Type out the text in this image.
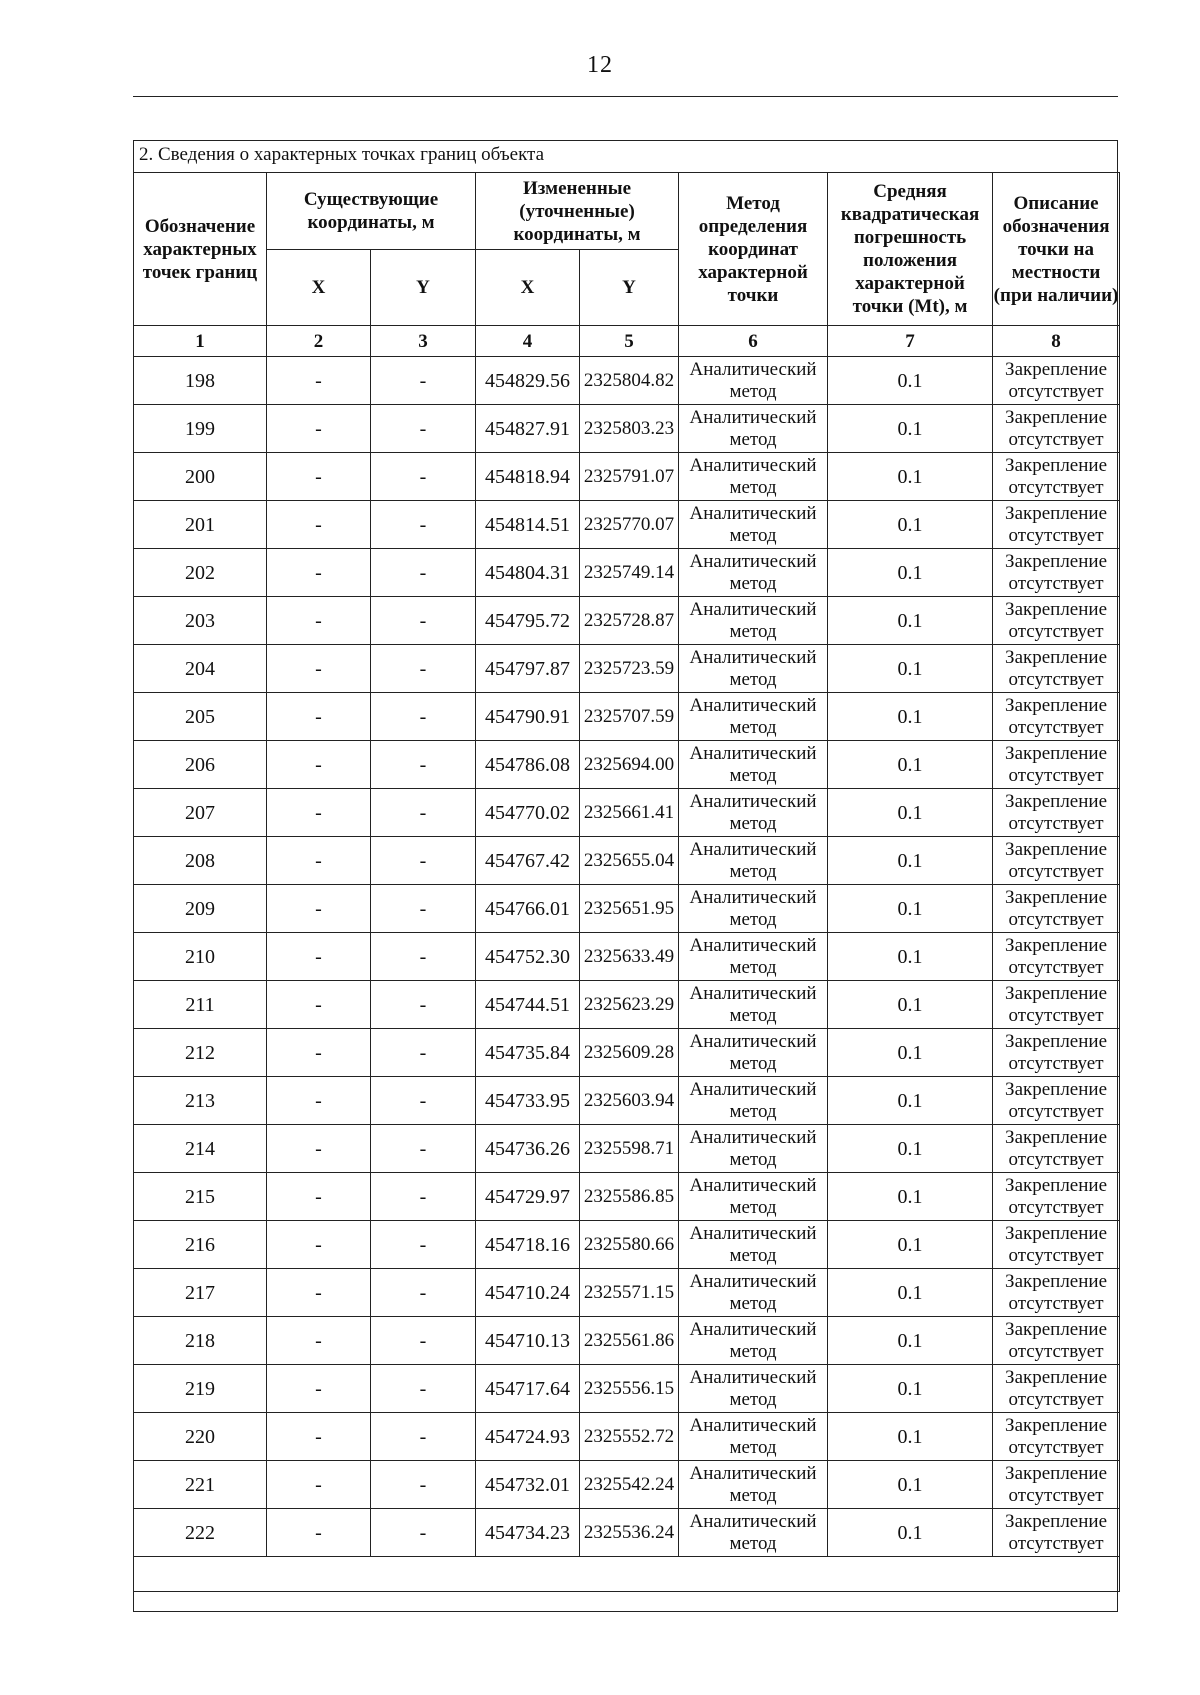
12
2. Сведения о характерных точках границ объекта
Обозначение характерных точек границ	Существующие координаты, м		Измененные (уточненные) координаты, м		Метод определения координат характерной точки	Средняя квадратическая погрешность положения характерной точки (Mt), м	Описание обозначения точки на местности (при наличии)
	X	Y	X	Y			
1	2	3	4	5	6	7	8
198	-	-	454829.56	2325804.82	Аналитический метод	0.1	Закрепление отсутствует
199	-	-	454827.91	2325803.23	Аналитический метод	0.1	Закрепление отсутствует
200	-	-	454818.94	2325791.07	Аналитический метод	0.1	Закрепление отсутствует
201	-	-	454814.51	2325770.07	Аналитический метод	0.1	Закрепление отсутствует
202	-	-	454804.31	2325749.14	Аналитический метод	0.1	Закрепление отсутствует
203	-	-	454795.72	2325728.87	Аналитический метод	0.1	Закрепление отсутствует
204	-	-	454797.87	2325723.59	Аналитический метод	0.1	Закрепление отсутствует
205	-	-	454790.91	2325707.59	Аналитический метод	0.1	Закрепление отсутствует
206	-	-	454786.08	2325694.00	Аналитический метод	0.1	Закрепление отсутствует
207	-	-	454770.02	2325661.41	Аналитический метод	0.1	Закрепление отсутствует
208	-	-	454767.42	2325655.04	Аналитический метод	0.1	Закрепление отсутствует
209	-	-	454766.01	2325651.95	Аналитический метод	0.1	Закрепление отсутствует
210	-	-	454752.30	2325633.49	Аналитический метод	0.1	Закрепление отсутствует
211	-	-	454744.51	2325623.29	Аналитический метод	0.1	Закрепление отсутствует
212	-	-	454735.84	2325609.28	Аналитический метод	0.1	Закрепление отсутствует
213	-	-	454733.95	2325603.94	Аналитический метод	0.1	Закрепление отсутствует
214	-	-	454736.26	2325598.71	Аналитический метод	0.1	Закрепление отсутствует
215	-	-	454729.97	2325586.85	Аналитический метод	0.1	Закрепление отсутствует
216	-	-	454718.16	2325580.66	Аналитический метод	0.1	Закрепление отсутствует
217	-	-	454710.24	2325571.15	Аналитический метод	0.1	Закрепление отсутствует
218	-	-	454710.13	2325561.86	Аналитический метод	0.1	Закрепление отсутствует
219	-	-	454717.64	2325556.15	Аналитический метод	0.1	Закрепление отсутствует
220	-	-	454724.93	2325552.72	Аналитический метод	0.1	Закрепление отсутствует
221	-	-	454732.01	2325542.24	Аналитический метод	0.1	Закрепление отсутствует
222	-	-	454734.23	2325536.24	Аналитический метод	0.1	Закрепление отсутствует
